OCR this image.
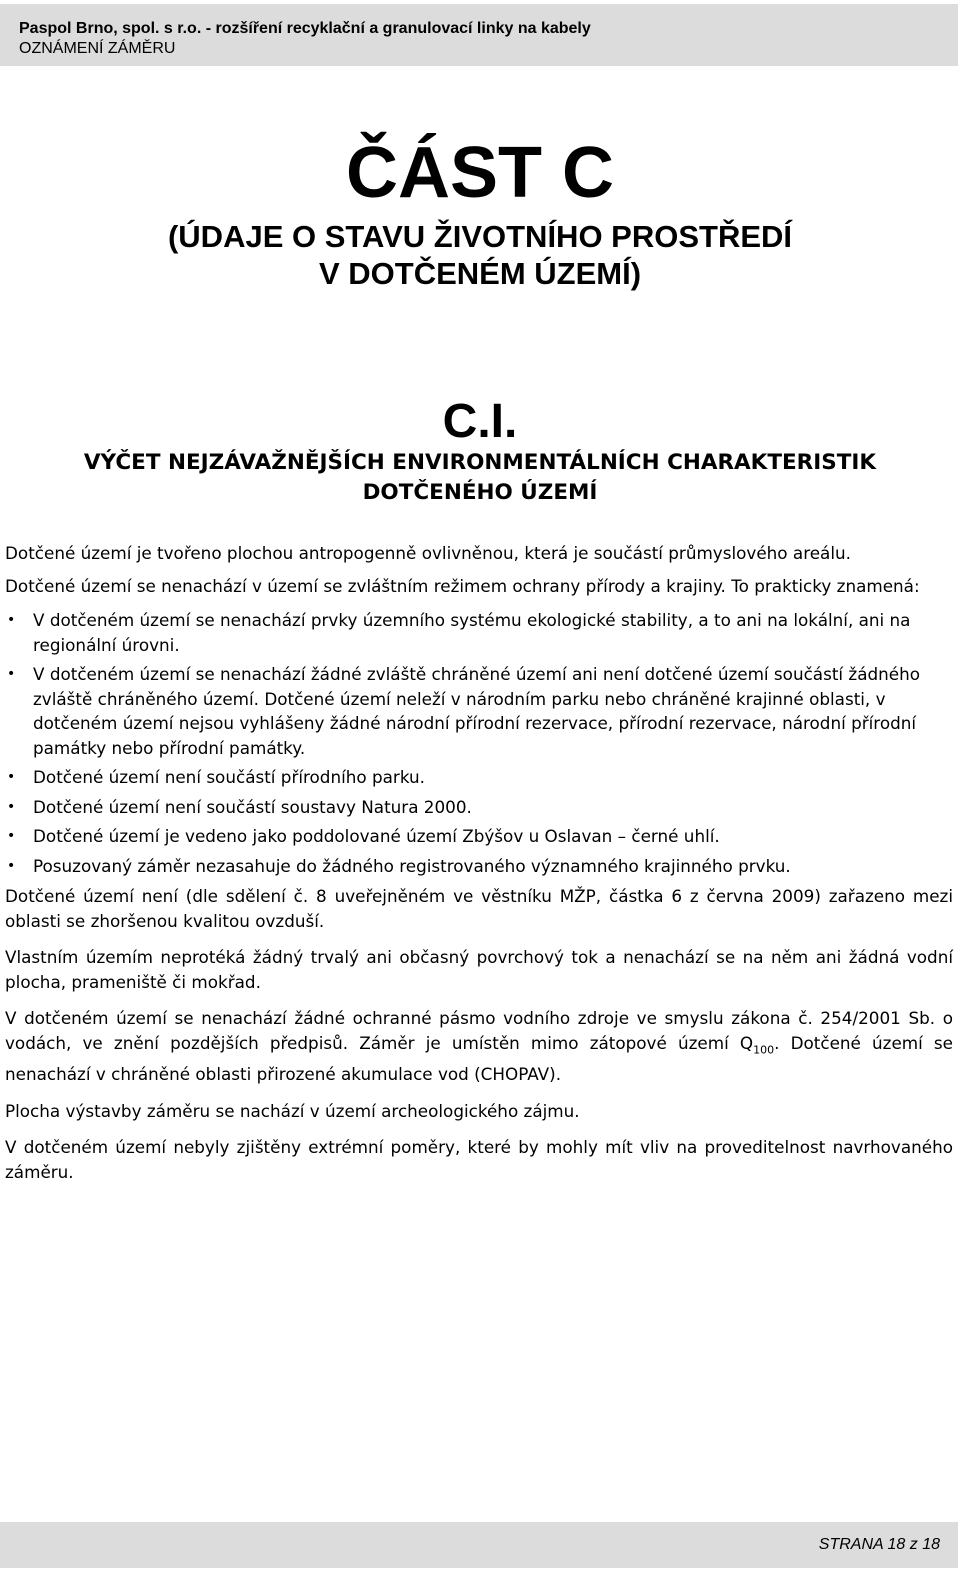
Paspol Brno, spol. s r.o. - rozšíření recyklační a granulovací linky na kabely
OZNÁMENÍ ZÁMĚRU
ČÁST C
(ÚDAJE O STAVU ŽIVOTNÍHO PROSTŘEDÍ
V DOTČENÉM ÚZEMÍ)
C.I.
VÝČET NEJZÁVAŽNĚJŠÍCH ENVIRONMENTÁLNÍCH CHARAKTERISTIK
DOTČENÉHO ÚZEMÍ

Dotčené území je tvořeno plochou antropogenně ovlivněnou, která je součástí průmyslového areálu.

Dotčené území se nenachází v území se zvláštním režimem ochrany přírody a krajiny. To prakticky znamená:

• V dotčeném území se nenachází prvky územního systému ekologické stability, a to ani na lokální, ani na regionální úrovni.
• V dotčeném území se nenachází žádné zvláště chráněné území ani není dotčené území součástí žádného zvláště chráněného území. Dotčené území neleží v národním parku nebo chráněné krajinné oblasti, v dotčeném území nejsou vyhlášeny žádné národní přírodní rezervace, přírodní rezervace, národní přírodní památky nebo přírodní památky.
• Dotčené území není součástí přírodního parku.
• Dotčené území není součástí soustavy Natura 2000.
• Dotčené území je vedeno jako poddolované území Zbýšov u Oslavan – černé uhlí.
• Posuzovaný záměr nezasahuje do žádného registrovaného významného krajinného prvku.

Dotčené území není (dle sdělení č. 8 uveřejněném ve věstníku MŽP, částka 6 z června 2009) zařazeno mezi oblasti se zhoršenou kvalitou ovzduší.

Vlastním územím neprotéká žádný trvalý ani občasný povrchový tok a nenachází se na něm ani žádná vodní plocha, prameniště či mokřad.

V dotčeném území se nenachází žádné ochranné pásmo vodního zdroje ve smyslu zákona č. 254/2001 Sb. o vodách, ve znění pozdějších předpisů. Záměr je umístěn mimo zátopové území $Q_{100}$. Dotčené území se nenachází v chráněné oblasti přirozené akumulace vod (CHOPAV).

Plocha výstavby záměru se nachází v území archeologického zájmu.

V dotčeném území nebyly zjištěny extrémní poměry, které by mohly mít vliv na proveditelnost navrhovaného záměru.

STRANA 18 z 18
